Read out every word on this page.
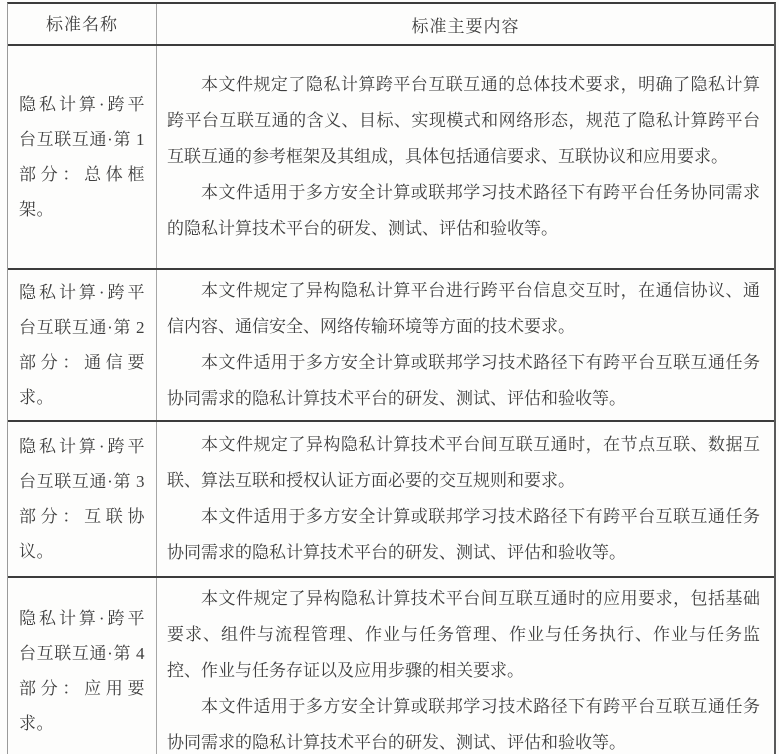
标准名称	标准主要内容
隐私计算·跨平台互联互通·第 1 部分：总体框架。

本文件规定了隐私计算跨平台互联互通的总体技术要求，明确了隐私计算跨平台互联互通的含义、目标、实现模式和网络形态，规范了隐私计算跨平台互联互通的参考框架及其组成，具体包括通信要求、互联协议和应用要求。

本文件适用于多方安全计算或联邦学习技术路径下有跨平台任务协同需求的隐私计算技术平台的研发、测试、评估和验收等。

隐私计算·跨平台互联互通·第 2 部分：通信要求。

本文件规定了异构隐私计算平台进行跨平台信息交互时，在通信协议、通信内容、通信安全、网络传输环境等方面的技术要求。

本文件适用于多方安全计算或联邦学习技术路径下有跨平台互联互通任务协同需求的隐私计算技术平台的研发、测试、评估和验收等。

隐私计算·跨平台互联互通·第 3 部分：互联协议。

本文件规定了异构隐私计算技术平台间互联互通时，在节点互联、数据互联、算法互联和授权认证方面必要的交互规则和要求。

本文件适用于多方安全计算或联邦学习技术路径下有跨平台互联互通任务协同需求的隐私计算技术平台的研发、测试、评估和验收等。

隐私计算·跨平台互联互通·第 4 部分：应用要求。

本文件规定了异构隐私计算技术平台间互联互通时的应用要求，包括基础要求、组件与流程管理、作业与任务管理、作业与任务执行、作业与任务监控、作业与任务存证以及应用步骤的相关要求。

本文件适用于多方安全计算或联邦学习技术路径下有跨平台互联互通任务协同需求的隐私计算技术平台的研发、测试、评估和验收等。
